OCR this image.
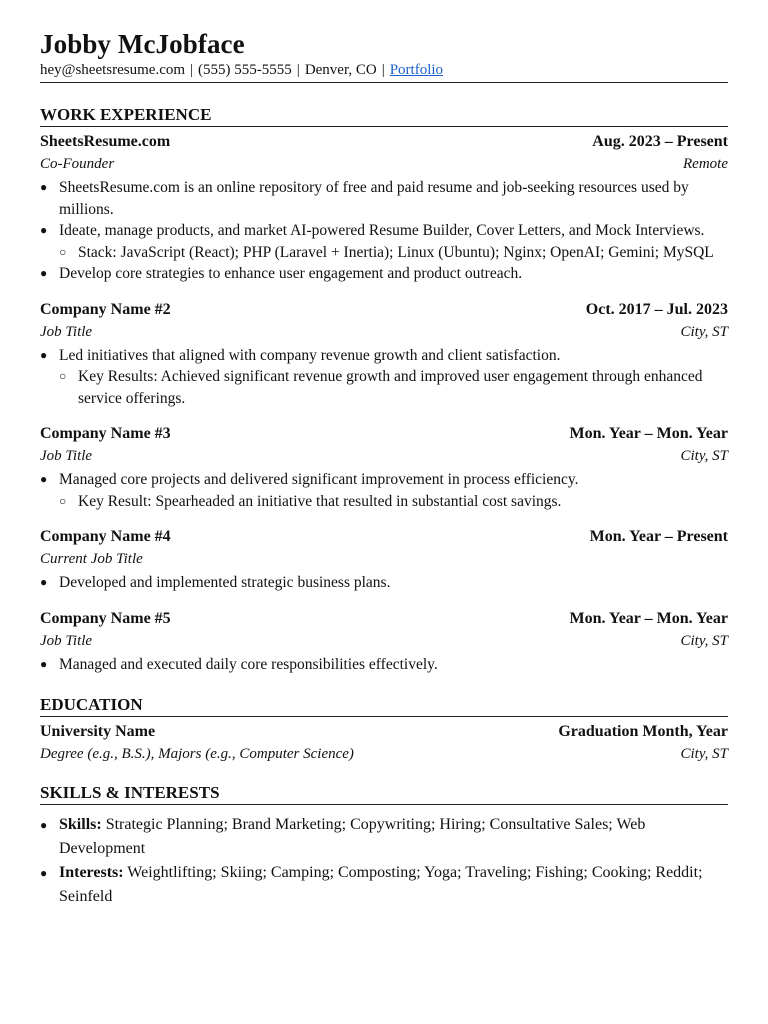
Jobby McJobface
hey@sheetsresume.com | (555) 555-5555 | Denver, CO | Portfolio
WORK EXPERIENCE
SheetsResume.com	Aug. 2023 – Present
Co-Founder	Remote
● SheetsResume.com is an online repository of free and paid resume and job-seeking resources used by millions.
● Ideate, manage products, and market AI-powered Resume Builder, Cover Letters, and Mock Interviews.
○ Stack: JavaScript (React); PHP (Laravel + Inertia); Linux (Ubuntu); Nginx; OpenAI; Gemini; MySQL
● Develop core strategies to enhance user engagement and product outreach.
Company Name #2	Oct. 2017 – Jul. 2023
Job Title	City, ST
● Led initiatives that aligned with company revenue growth and client satisfaction.
○ Key Results: Achieved significant revenue growth and improved user engagement through enhanced service offerings.
Company Name #3	Mon. Year – Mon. Year
Job Title	City, ST
● Managed core projects and delivered significant improvement in process efficiency.
○ Key Result: Spearheaded an initiative that resulted in substantial cost savings.
Company Name #4	Mon. Year – Present
Current Job Title
● Developed and implemented strategic business plans.
Company Name #5	Mon. Year – Mon. Year
Job Title	City, ST
● Managed and executed daily core responsibilities effectively.
EDUCATION
University Name	Graduation Month, Year
Degree (e.g., B.S.), Majors (e.g., Computer Science)	City, ST
SKILLS & INTERESTS
● Skills: Strategic Planning; Brand Marketing; Copywriting; Hiring; Consultative Sales; Web Development
● Interests: Weightlifting; Skiing; Camping; Composting; Yoga; Traveling; Fishing; Cooking; Reddit; Seinfeld
